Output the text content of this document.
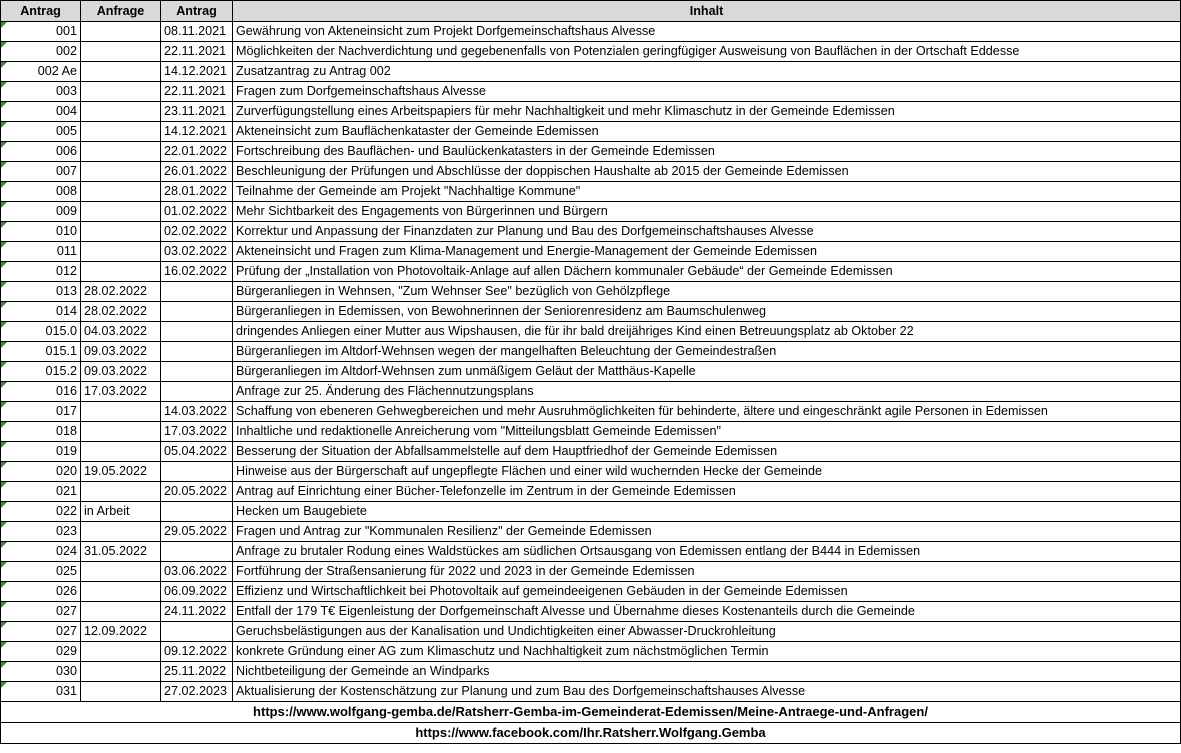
Antrag	Anfrage	Antrag	Inhalt
001		08.11.2021	Gewährung von Akteneinsicht zum Projekt Dorfgemeinschaftshaus Alvesse
002		22.11.2021	Möglichkeiten der Nachverdichtung und gegebenenfalls von Potenzialen geringfügiger Ausweisung von Bauflächen in der Ortschaft Eddesse
002 Ae		14.12.2021	Zusatzantrag zu Antrag 002
003		22.11.2021	Fragen zum Dorfgemeinschaftshaus Alvesse
004		23.11.2021	Zurverfügungstellung eines Arbeitspapiers für mehr Nachhaltigkeit und mehr Klimaschutz in der Gemeinde Edemissen
005		14.12.2021	Akteneinsicht zum Bauflächenkataster der Gemeinde Edemissen
006		22.01.2022	Fortschreibung des Bauflächen- und Baulückenkatasters in der Gemeinde Edemissen
007		26.01.2022	Beschleunigung der Prüfungen und Abschlüsse der doppischen Haushalte ab 2015 der Gemeinde Edemissen
008		28.01.2022	Teilnahme der Gemeinde am Projekt "Nachhaltige Kommune"
009		01.02.2022	Mehr Sichtbarkeit des Engagements von Bürgerinnen und Bürgern
010		02.02.2022	Korrektur und Anpassung der Finanzdaten zur Planung und Bau des Dorfgemeinschaftshauses Alvesse
011		03.02.2022	Akteneinsicht und Fragen zum Klima-Management und Energie-Management der Gemeinde Edemissen
012		16.02.2022	Prüfung der „Installation von Photovoltaik-Anlage auf allen Dächern kommunaler Gebäude“ der Gemeinde Edemissen
013	28.02.2022		Bürgeranliegen in Wehnsen, "Zum Wehnser See" bezüglich von Gehölzpflege
014	28.02.2022		Bürgeranliegen in Edemissen, von Bewohnerinnen der Seniorenresidenz am Baumschulenweg
015.0	04.03.2022		dringendes Anliegen einer Mutter aus Wipshausen, die für ihr bald dreijähriges Kind einen Betreuungsplatz ab Oktober 22
015.1	09.03.2022		Bürgeranliegen im Altdorf-Wehnsen wegen der mangelhaften Beleuchtung der Gemeindestraßen
015.2	09.03.2022		Bürgeranliegen im Altdorf-Wehnsen zum unmäßigem Geläut der Matthäus-Kapelle
016	17.03.2022		Anfrage zur 25. Änderung des Flächennutzungsplans
017		14.03.2022	Schaffung von ebeneren Gehwegbereichen und mehr Ausruhmöglichkeiten für behinderte, ältere und eingeschränkt agile Personen in Edemissen
018		17.03.2022	Inhaltliche und redaktionelle Anreicherung vom "Mitteilungsblatt Gemeinde Edemissen"
019		05.04.2022	Besserung der Situation der Abfallsammelstelle auf dem Hauptfriedhof der Gemeinde Edemissen
020	19.05.2022		Hinweise aus der Bürgerschaft auf ungepflegte Flächen und einer wild wuchernden Hecke der Gemeinde
021		20.05.2022	Antrag auf Einrichtung einer Bücher-Telefonzelle im Zentrum in der Gemeinde Edemissen
022	in Arbeit		Hecken um Baugebiete
023		29.05.2022	Fragen und Antrag zur "Kommunalen Resilienz" der Gemeinde Edemissen
024	31.05.2022		Anfrage zu brutaler Rodung eines Waldstückes am südlichen Ortsausgang von Edemissen entlang der B444 in Edemissen
025		03.06.2022	Fortführung der Straßensanierung für 2022 und 2023 in der Gemeinde Edemissen
026		06.09.2022	Effizienz und Wirtschaftlichkeit bei Photovoltaik auf gemeindeeigenen Gebäuden in der Gemeinde Edemissen
027		24.11.2022	Entfall der 179 T€ Eigenleistung der Dorfgemeinschaft Alvesse und Übernahme dieses Kostenanteils durch die Gemeinde
027	12.09.2022		Geruchsbelästigungen aus der Kanalisation und Undichtigkeiten einer Abwasser-Druckrohleitung
029		09.12.2022	konkrete Gründung einer AG zum Klimaschutz und Nachhaltigkeit zum nächstmöglichen Termin
030		25.11.2022	Nichtbeteiligung der Gemeinde an Windparks
031		27.02.2023	Aktualisierung der Kostenschätzung zur Planung und zum Bau des Dorfgemeinschaftshauses Alvesse
https://www.wolfgang-gemba.de/Ratsherr-Gemba-im-Gemeinderat-Edemissen/Meine-Antraege-und-Anfragen/			
https://www.facebook.com/Ihr.Ratsherr.Wolfgang.Gemba			
